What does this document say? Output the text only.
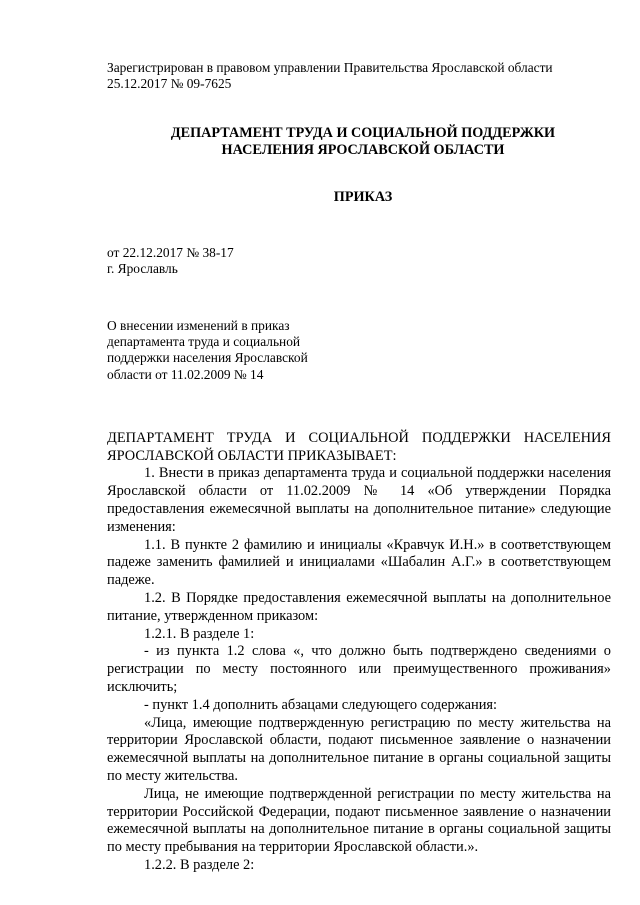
Зарегистрирован в правовом управлении Правительства Ярославской области
25.12.2017 № 09-7625
ДЕПАРТАМЕНТ ТРУДА И СОЦИАЛЬНОЙ ПОДДЕРЖКИ
НАСЕЛЕНИЯ ЯРОСЛАВСКОЙ ОБЛАСТИ
ПРИКАЗ
от 22.12.2017 № 38-17
г. Ярославль
О внесении изменений в приказ
департамента труда и социальной
поддержки населения Ярославской
области от 11.02.2009 № 14

ДЕПАРТАМЕНТ ТРУДА И СОЦИАЛЬНОЙ ПОДДЕРЖКИ НАСЕЛЕНИЯ ЯРОСЛАВСКОЙ ОБЛАСТИ ПРИКАЗЫВАЕТ:

1. Внести в приказ департамента труда и социальной поддержки населения Ярославской области от 11.02.2009 № 14 «Об утверждении Порядка предоставления ежемесячной выплаты на дополнительное питание» следующие изменения:

1.1. В пункте 2 фамилию и инициалы «Кравчук И.Н.» в соответствующем падеже заменить фамилией и инициалами «Шабалин А.Г.» в соответствующем падеже.

1.2. В Порядке предоставления ежемесячной выплаты на дополнительное питание, утвержденном приказом:

1.2.1. В разделе 1:

- из пункта 1.2 слова «, что должно быть подтверждено сведениями о регистрации по месту постоянного или преимущественного проживания» исключить;

- пункт 1.4 дополнить абзацами следующего содержания:

«Лица, имеющие подтвержденную регистрацию по месту жительства на территории Ярославской области, подают письменное заявление о назначении ежемесячной выплаты на дополнительное питание в органы социальной защиты по месту жительства.

Лица, не имеющие подтвержденной регистрации по месту жительства на территории Российской Федерации, подают письменное заявление о назначении ежемесячной выплаты на дополнительное питание в органы социальной защиты по месту пребывания на территории Ярославской области.».

1.2.2. В разделе 2:
